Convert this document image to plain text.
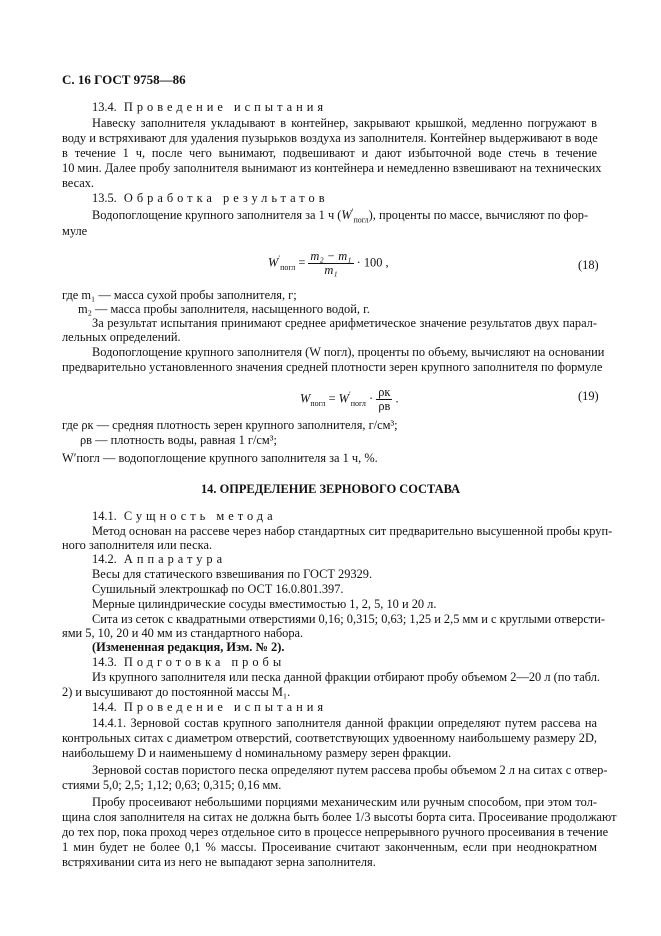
С. 16 ГОСТ 9758—86
13.4. Проведение испытания
Навеску заполнителя укладывают в контейнер, закрывают крышкой, медленно погружают в
воду и встряхивают для удаления пузырьков воздуха из заполнителя. Контейнер выдерживают в воде
в течение 1 ч, после чего вынимают, подвешивают и дают избыточной воде стечь в течение
10 мин. Далее пробу заполнителя вынимают из контейнера и немедленно взвешивают на технических
весах.
13.5. Обработка результатов
Водопоглощение крупного заполнителя за 1 ч $(W'_{погл})$, проценты по массе, вычисляют по фор-
муле
$W'_{погл} = \frac{\text{m₂ − m₁}}{\text{m₁}} \cdot 100$ ,	(18)
где m₁ — масса сухой пробы заполнителя, г;
m₂ — масса пробы заполнителя, насыщенного водой, г.
За результат испытания принимают среднее арифметическое значение результатов двух парал-
лельных определений.
Водопоглощение крупного заполнителя (W погл), проценты по объему, вычисляют на основании
предварительно установленного значения средней плотности зерен крупного заполнителя по формуле
$W_{погл} = W'_{погл} \cdot \rho к$
ρв
.	(19)
где ρк — средняя плотность зерен крупного заполнителя, г/см³;
ρв — плотность воды, равная 1 г/см³;
W′погл — водопоглощение крупного заполнителя за 1 ч, %.
14. ОПРЕДЕЛЕНИЕ ЗЕРНОВОГО СОСТАВА
14.1. Сущность метода
Метод основан на рассеве через набор стандартных сит предварительно высушенной пробы круп-
ного заполнителя или песка.
14.2. Аппаратура
Весы для статического взвешивания по ГОСТ 29329.
Сушильный электрошкаф по ОСТ 16.0.801.397.
Мерные цилиндрические сосуды вместимостью 1, 2, 5, 10 и 20 л.
Сита из сеток с квадратными отверстиями 0,16; 0,315; 0,63; 1,25 и 2,5 мм и с круглыми отверсти-
ями 5, 10, 20 и 40 мм из стандартного набора.
(Измененная редакция, Изм. № 2).
14.3. Подготовка пробы
Из крупного заполнителя или песка данной фракции отбирают пробу объемом 2—20 л (по табл.
2) и высушивают до постоянной массы M₁.
14.4. Проведение испытания
14.4.1. Зерновой состав крупного заполнителя данной фракции определяют путем рассева на
контрольных ситах с диаметром отверстий, соответствующих удвоенному наибольшему размеру 2D,
наибольшему D и наименьшему d номинальному размеру зерен фракции.
Зерновой состав пористого песка определяют путем рассева пробы объемом 2 л на ситах с отвер-
стиями 5,0; 2,5; 1,12; 0,63; 0,315; 0,16 мм.
Пробу просеивают небольшими порциями механическим или ручным способом, при этом тол-
щина слоя заполнителя на ситах не должна быть более 1/3 высоты борта сита. Просеивание продолжают
до тех пор, пока проход через отдельное сито в процессе непрерывного ручного просеивания в течение
1 мин будет не более 0,1 % массы. Просеивание считают законченным, если при неоднократном
встряхивании сита из него не выпадают зерна заполнителя.
